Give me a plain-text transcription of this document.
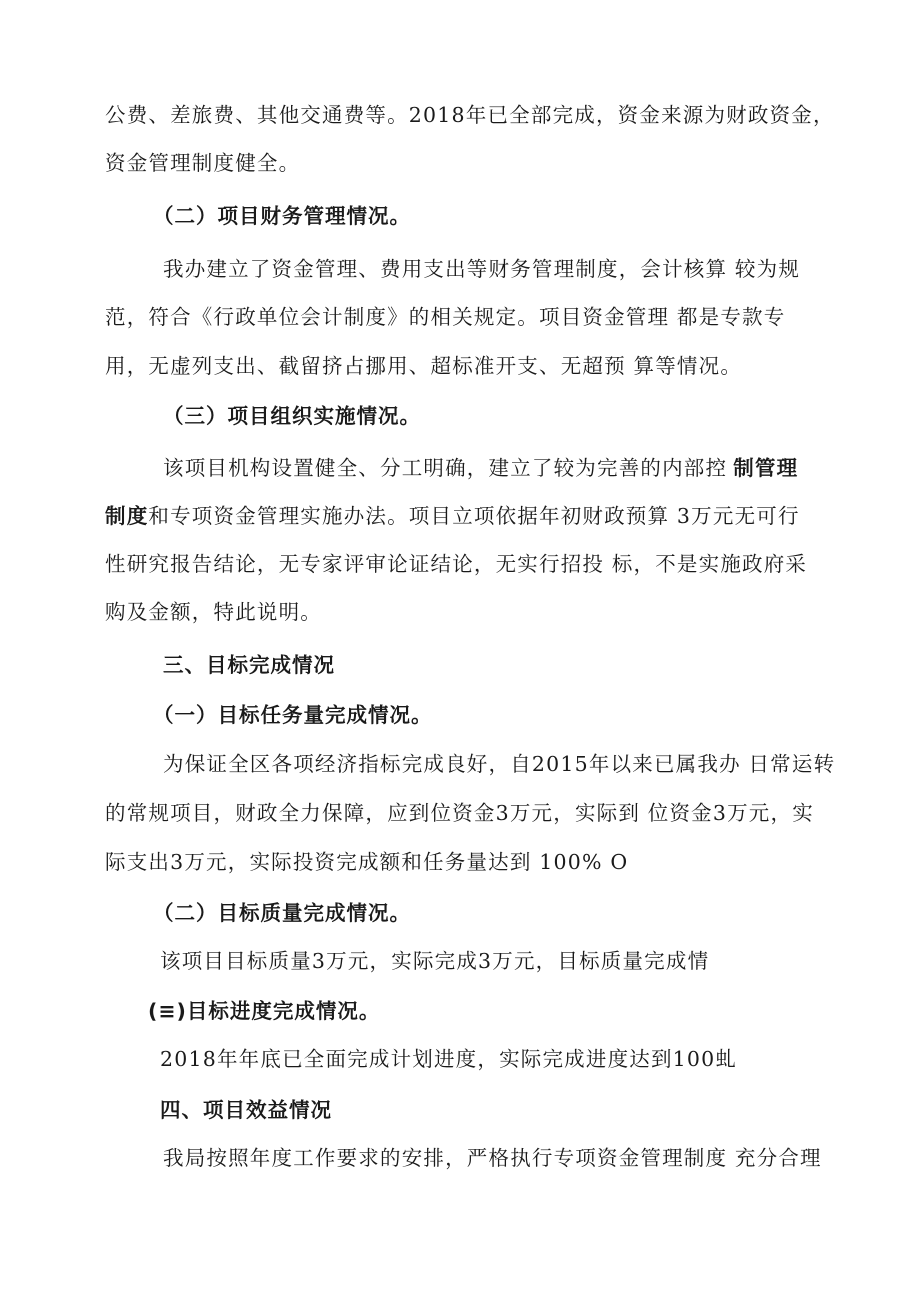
公费、差旅费、其他交通费等。2018年已全部完成，资金来源为财政资金，
资金管理制度健全。
（二）项目财务管理情况。
我办建立了资金管理、费用支出等财务管理制度，会计核算 较为规
范，符合《行政单位会计制度》的相关规定。项目资金管理 都是专款专
用，无虚列支出、截留挤占挪用、超标准开支、无超预 算等情况。
（三）项目组织实施情况。
该项目机构设置健全、分工明确，建立了较为完善的内部控 制管理
制度和专项资金管理实施办法。项目立项依据年初财政预算 3万元无可行
性研究报告结论，无专家评审论证结论，无实行招投 标，不是实施政府采
购及金额，特此说明。
三、目标完成情况
（一）目标任务量完成情况。
为保证全区各项经济指标完成良好，自2015年以来已属我办 日常运转
的常规项目，财政全力保障，应到位资金3万元，实际到 位资金3万元，实
际支出3万元，实际投资完成额和任务量达到 100% O
（二）目标质量完成情况。
该项目目标质量3万元，实际完成3万元，目标质量完成情
(≡)目标进度完成情况。
2018年年底已全面完成计划进度，实际完成进度达到100虬
四、项目效益情况
我局按照年度工作要求的安排，严格执行专项资金管理制度 充分合理
